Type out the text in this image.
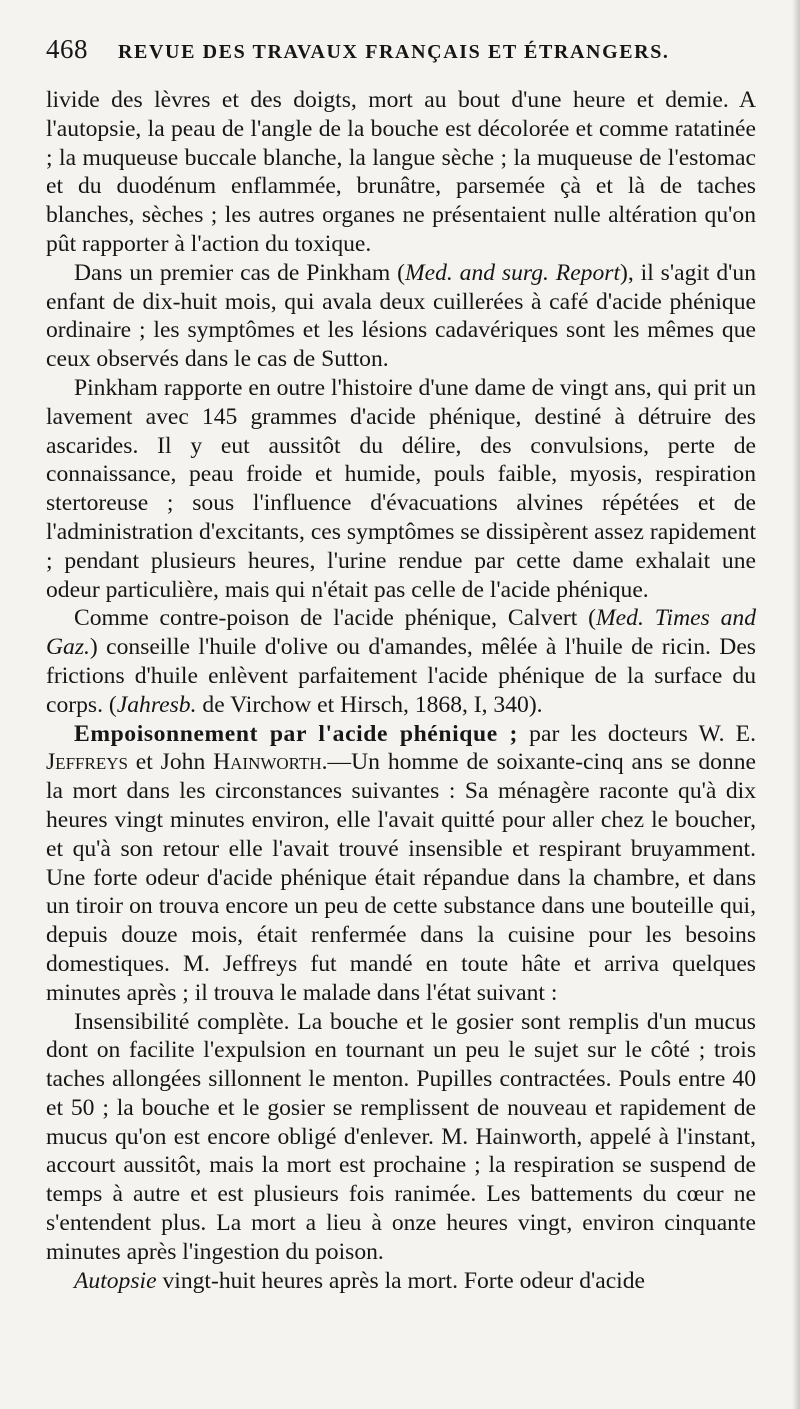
468 REVUE DES TRAVAUX FRANÇAIS ET ÉTRANGERS.

livide des lèvres et des doigts, mort au bout d'une heure et demie. A l'autopsie, la peau de l'angle de la bouche est décolorée et comme ratatinée ; la muqueuse buccale blanche, la langue sèche ; la muqueuse de l'estomac et du duodénum enflammée, brunâtre, parsemée çà et là de taches blanches, sèches ; les autres organes ne présentaient nulle altération qu'on pût rapporter à l'action du toxique.

Dans un premier cas de Pinkham (Med. and surg. Report), il s'agit d'un enfant de dix-huit mois, qui avala deux cuillerées à café d'acide phénique ordinaire ; les symptômes et les lésions cadavériques sont les mêmes que ceux observés dans le cas de Sutton.

Pinkham rapporte en outre l'histoire d'une dame de vingt ans, qui prit un lavement avec 145 grammes d'acide phénique, destiné à détruire des ascarides. Il y eut aussitôt du délire, des convulsions, perte de connaissance, peau froide et humide, pouls faible, myosis, respiration stertoreuse ; sous l'influence d'évacuations alvines répétées et de l'administration d'excitants, ces symptômes se dissipèrent assez rapidement ; pendant plusieurs heures, l'urine rendue par cette dame exhalait une odeur particulière, mais qui n'était pas celle de l'acide phénique.

Comme contre-poison de l'acide phénique, Calvert (Med. Times and Gaz.) conseille l'huile d'olive ou d'amandes, mêlée à l'huile de ricin. Des frictions d'huile enlèvent parfaitement l'acide phénique de la surface du corps. (Jahresb. de Virchow et Hirsch, 1868, I, 340).

Empoisonnement par l'acide phénique ; par les docteurs W. E. Jeffreys et John Hainworth.—Un homme de soixante-cinq ans se donne la mort dans les circonstances suivantes : Sa ménagère raconte qu'à dix heures vingt minutes environ, elle l'avait quitté pour aller chez le boucher, et qu'à son retour elle l'avait trouvé insensible et respirant bruyamment. Une forte odeur d'acide phénique était répandue dans la chambre, et dans un tiroir on trouva encore un peu de cette substance dans une bouteille qui, depuis douze mois, était renfermée dans la cuisine pour les besoins domestiques. M. Jeffreys fut mandé en toute hâte et arriva quelques minutes après ; il trouva le malade dans l'état suivant :

Insensibilité complète. La bouche et le gosier sont remplis d'un mucus dont on facilite l'expulsion en tournant un peu le sujet sur le côté ; trois taches allongées sillonnent le menton. Pupilles contractées. Pouls entre 40 et 50 ; la bouche et le gosier se remplissent de nouveau et rapidement de mucus qu'on est encore obligé d'enlever. M. Hainworth, appelé à l'instant, accourt aussitôt, mais la mort est prochaine ; la respiration se suspend de temps à autre et est plusieurs fois ranimée. Les battements du cœur ne s'entendent plus. La mort a lieu à onze heures vingt, environ cinquante minutes après l'ingestion du poison.

Autopsie vingt-huit heures après la mort. Forte odeur d'acide
